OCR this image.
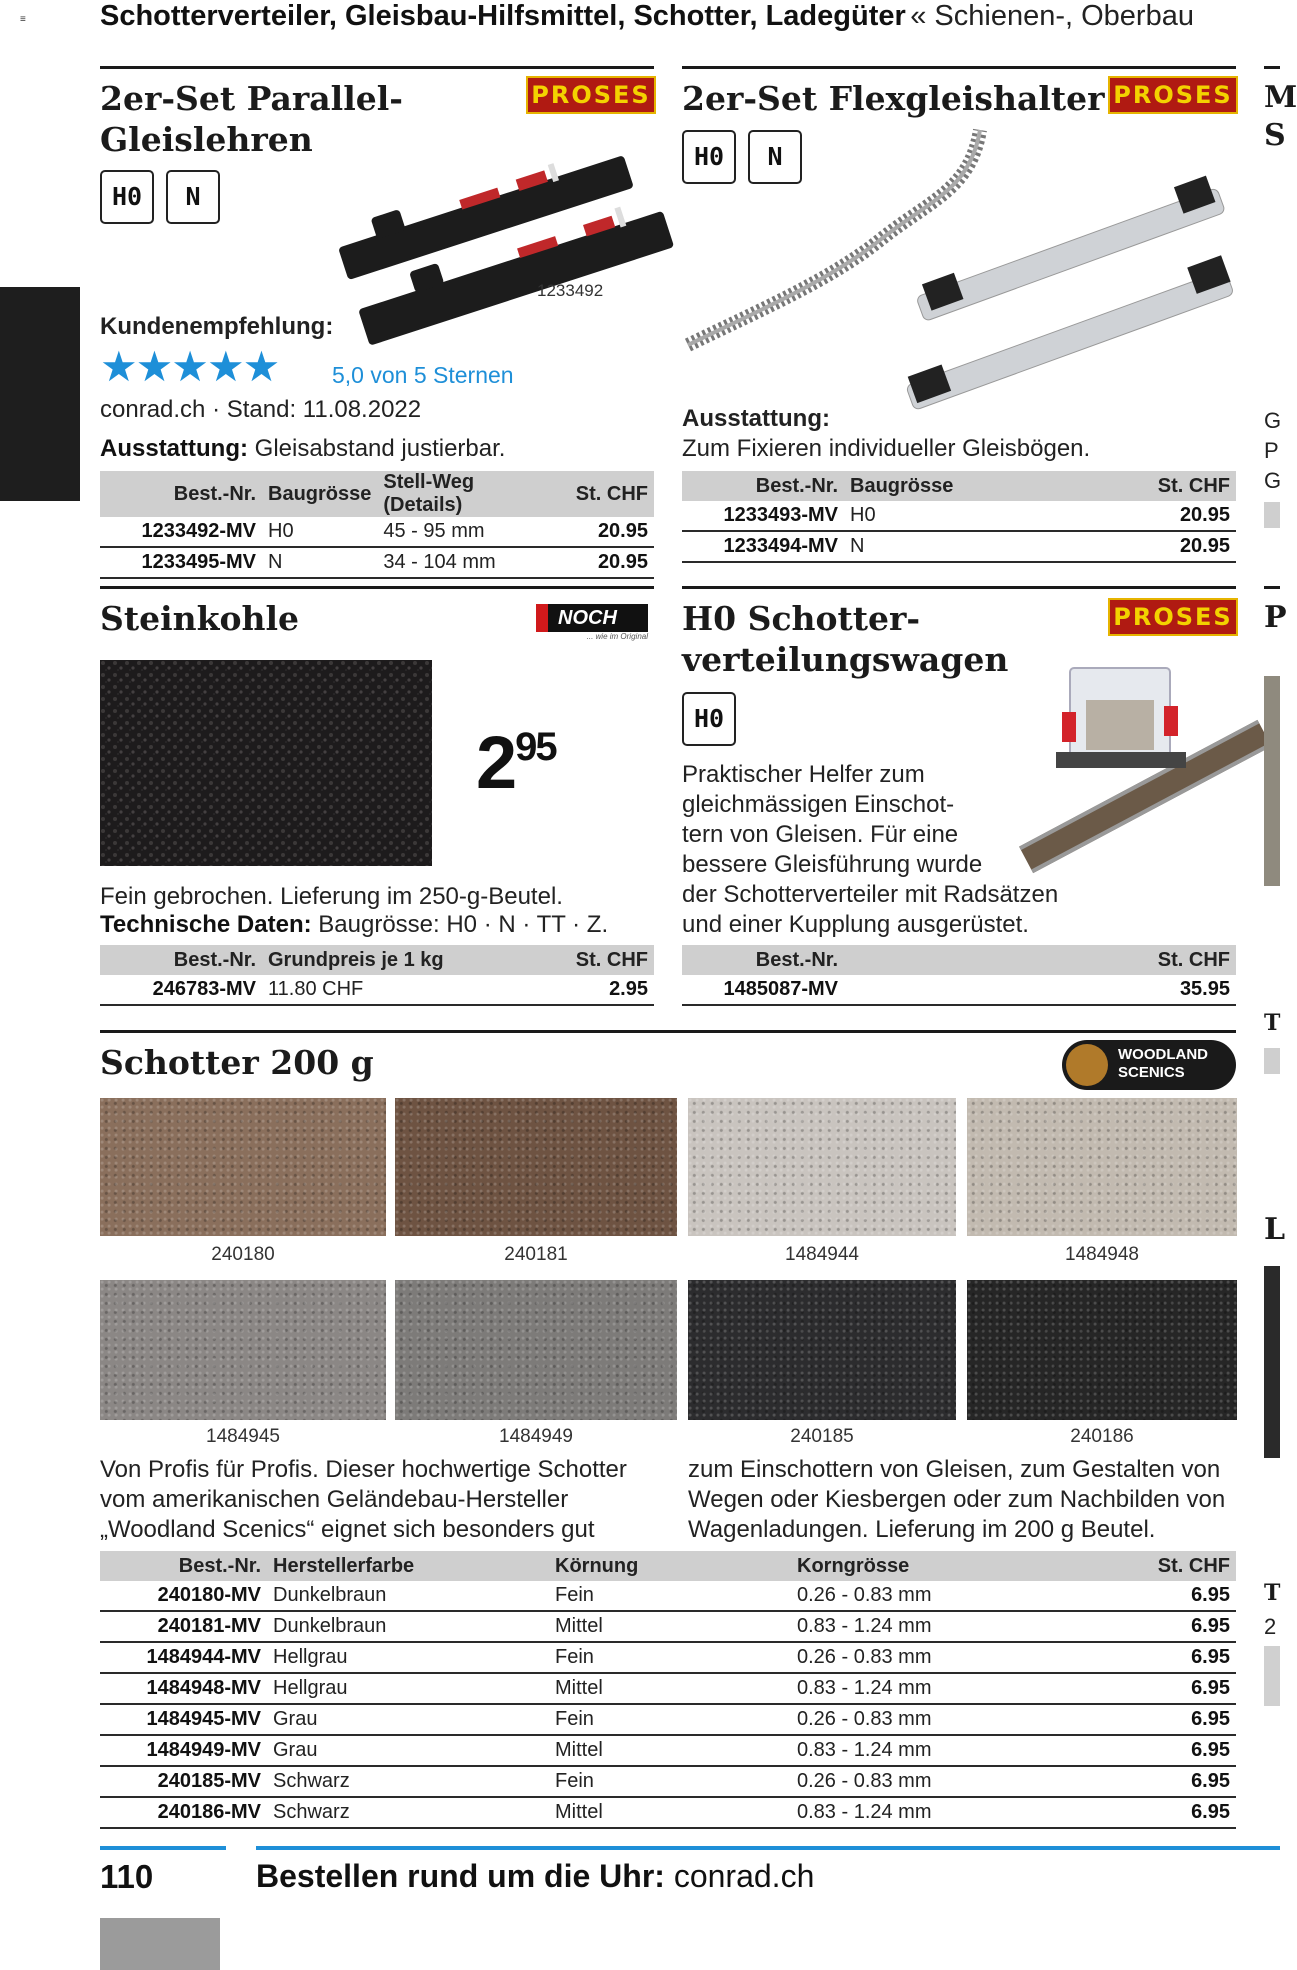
≡	Schotterverteiler, Gleisbau-Hilfsmittel, Schotter, Ladegüter « Schienen-, Oberbau
2er-Set Parallel-
Gleislehren
PROSES
H0	N
1233492
Kundenempfehlung:
★★★★★ 5,0 von 5 Sternen
conrad.ch · Stand: 11.08.2022
Ausstattung: Gleisabstand justierbar.
Best.-Nr.	Baugrösse	Stell-Weg (Details)	St. CHF
1233492-MV	H0	45 - 95 mm	20.95
1233495-MV	N	34 - 104 mm	20.95
2er-Set Flexgleishalter PROSES
H0	N
Ausstattung:
Zum Fixieren individueller Gleisbögen.
Best.-Nr.	Baugrösse	St. CHF
1233493-MV	H0	20.95
1233494-MV	N	20.95
Steinkohle	NOCH
... wie im Original
$2^{95}$
Fein gebrochen. Lieferung im 250-g-Beutel.
Technische Daten: Baugrösse: H0 · N · TT · Z.
Best.-Nr.	Grundpreis je 1 kg	St. CHF
246783-MV	11.80 CHF	2.95
H0 Schotter-
verteilungswagen
PROSES
H0
Praktischer Helfer zum
gleichmässigen Einschot-
tern von Gleisen. Für eine
bessere Gleisführung wurde
der Schotterverteiler mit Radsätzen
und einer Kupplung ausgerüstet.
Best.-Nr.	St. CHF
1485087-MV	35.95
Schotter 200 g	WOODLAND
SCENICS
240180	240181	1484944	1484948
1484945	1484949	240185	240186
Von Profis für Profis. Dieser hochwertige Schotter
vom amerikanischen Geländebau-Hersteller
„Woodland Scenics“ eignet sich besonders gut
zum Einschottern von Gleisen, zum Gestalten von
Wegen oder Kiesbergen oder zum Nachbilden von
Wagenladungen. Lieferung im 200 g Beutel.
Best.-Nr.	Herstellerfarbe	Körnung	Korngrösse	St. CHF
240180-MV	Dunkelbraun	Fein	0.26 - 0.83 mm	6.95
240181-MV	Dunkelbraun	Mittel	0.83 - 1.24 mm	6.95
1484944-MV	Hellgrau	Fein	0.26 - 0.83 mm	6.95
1484948-MV	Hellgrau	Mittel	0.83 - 1.24 mm	6.95
1484945-MV	Grau	Fein	0.26 - 0.83 mm	6.95
1484949-MV	Grau	Mittel	0.83 - 1.24 mm	6.95
240185-MV	Schwarz	Fein	0.26 - 0.83 mm	6.95
240186-MV	Schwarz	Mittel	0.83 - 1.24 mm	6.95
M
S
G
P
G
P
T
L
T
2
110	Bestellen rund um die Uhr: conrad.ch
